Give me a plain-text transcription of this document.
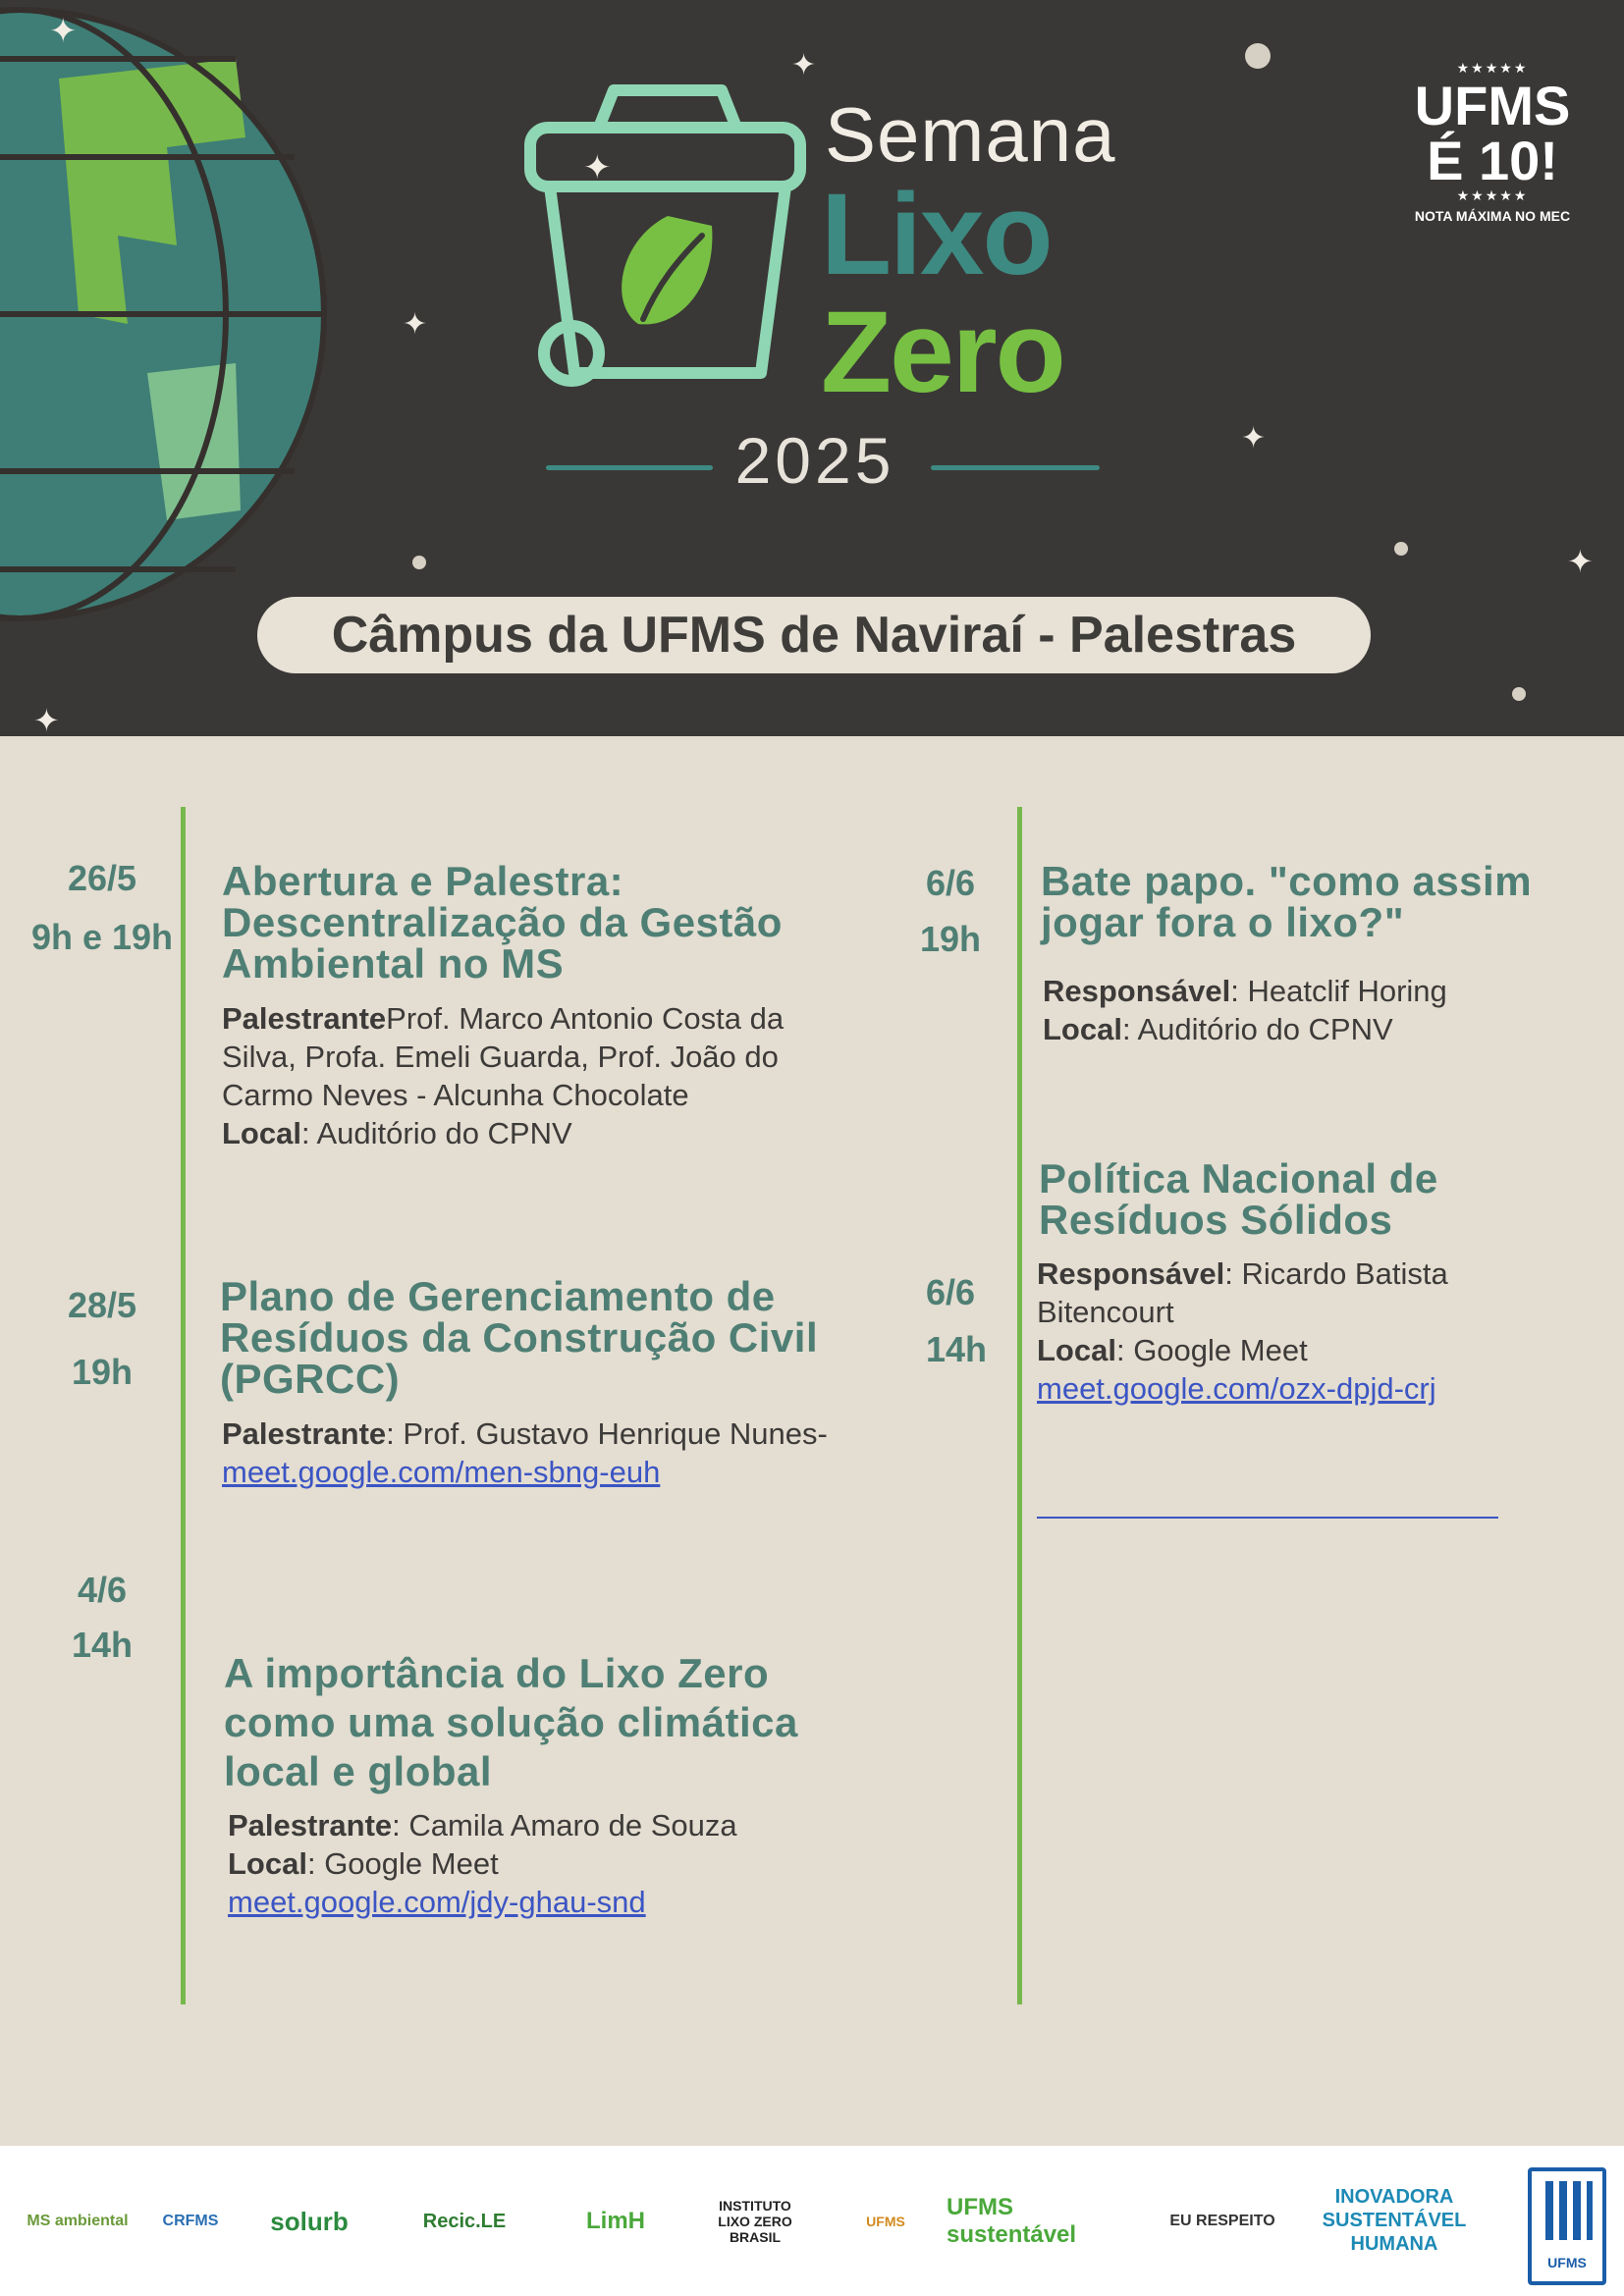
✦
✦
✦
✦
✦
✦
✦	Semana
Lixo
Zero
2025
★★★★★
UFMS
É 10!
★★★★★
NOTA MÁXIMA NO MEC
Câmpus da UFMS de Naviraí - Palestras
26/5
9h e 19h
Abertura e Palestra: Descentralização da Gestão Ambiental no MS
PalestranteProf. Marco Antonio Costa da Silva, Profa. Emeli Guarda, Prof. João do Carmo Neves - Alcunha Chocolate
Local: Auditório do CPNV
28/5
19h
Plano de Gerenciamento de Resíduos da Construção Civil (PGRCC)
Palestrante: Prof. Gustavo Henrique Nunes-
meet.google.com/men-sbng-euh
4/6
14h
A importância do Lixo Zero como uma solução climática local e global
Palestrante: Camila Amaro de Souza
Local: Google Meet
meet.google.com/jdy-ghau-snd
6/6
19h
Bate papo. "como assim jogar fora o lixo?"
Responsável: Heatclif Horing
Local: Auditório do CPNV
6/6
14h
Política Nacional de Resíduos Sólidos
Responsável: Ricardo Batista Bitencourt
Local: Google Meet
meet.google.com/ozx-dpjd-crj
MS ambiental	CRFMS	solurb	Recic.LE	LimH
INSTITUTO LIXO ZERO BRASIL
UFMS
UFMS sustentável
EU RESPEITO
INOVADORA
SUSTENTÁVEL
HUMANA
UFMS
